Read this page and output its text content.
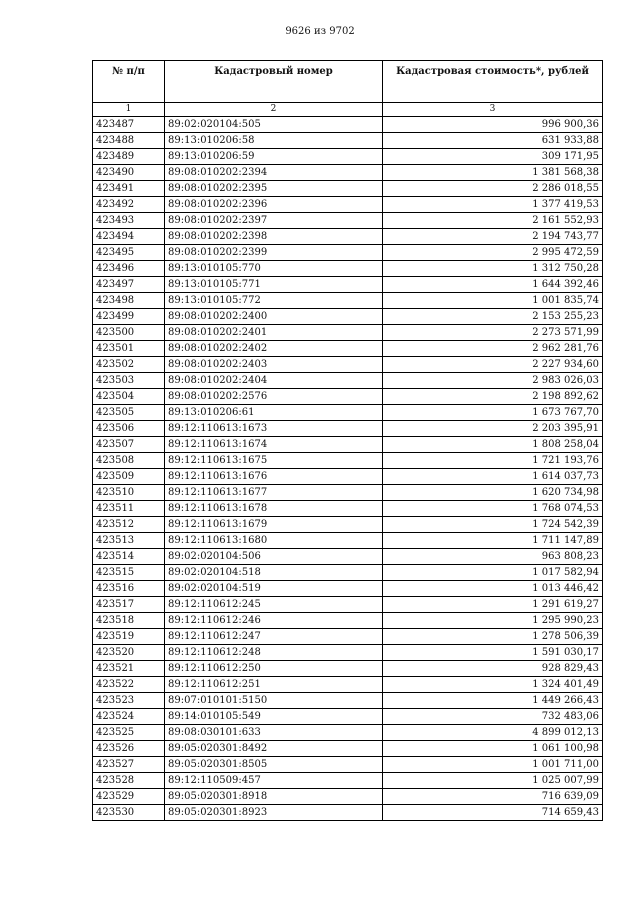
9626 из 9702
№ п/п	Кадастровый номер	Кадастровая стоимость*, рублей
1	2	3
423487	89:02:020104:505	996 900,36
423488	89:13:010206:58	631 933,88
423489	89:13:010206:59	309 171,95
423490	89:08:010202:2394	1 381 568,38
423491	89:08:010202:2395	2 286 018,55
423492	89:08:010202:2396	1 377 419,53
423493	89:08:010202:2397	2 161 552,93
423494	89:08:010202:2398	2 194 743,77
423495	89:08:010202:2399	2 995 472,59
423496	89:13:010105:770	1 312 750,28
423497	89:13:010105:771	1 644 392,46
423498	89:13:010105:772	1 001 835,74
423499	89:08:010202:2400	2 153 255,23
423500	89:08:010202:2401	2 273 571,99
423501	89:08:010202:2402	2 962 281,76
423502	89:08:010202:2403	2 227 934,60
423503	89:08:010202:2404	2 983 026,03
423504	89:08:010202:2576	2 198 892,62
423505	89:13:010206:61	1 673 767,70
423506	89:12:110613:1673	2 203 395,91
423507	89:12:110613:1674	1 808 258,04
423508	89:12:110613:1675	1 721 193,76
423509	89:12:110613:1676	1 614 037,73
423510	89:12:110613:1677	1 620 734,98
423511	89:12:110613:1678	1 768 074,53
423512	89:12:110613:1679	1 724 542,39
423513	89:12:110613:1680	1 711 147,89
423514	89:02:020104:506	963 808,23
423515	89:02:020104:518	1 017 582,94
423516	89:02:020104:519	1 013 446,42
423517	89:12:110612:245	1 291 619,27
423518	89:12:110612:246	1 295 990,23
423519	89:12:110612:247	1 278 506,39
423520	89:12:110612:248	1 591 030,17
423521	89:12:110612:250	928 829,43
423522	89:12:110612:251	1 324 401,49
423523	89:07:010101:5150	1 449 266,43
423524	89:14:010105:549	732 483,06
423525	89:08:030101:633	4 899 012,13
423526	89:05:020301:8492	1 061 100,98
423527	89:05:020301:8505	1 001 711,00
423528	89:12:110509:457	1 025 007,99
423529	89:05:020301:8918	716 639,09
423530	89:05:020301:8923	714 659,43
